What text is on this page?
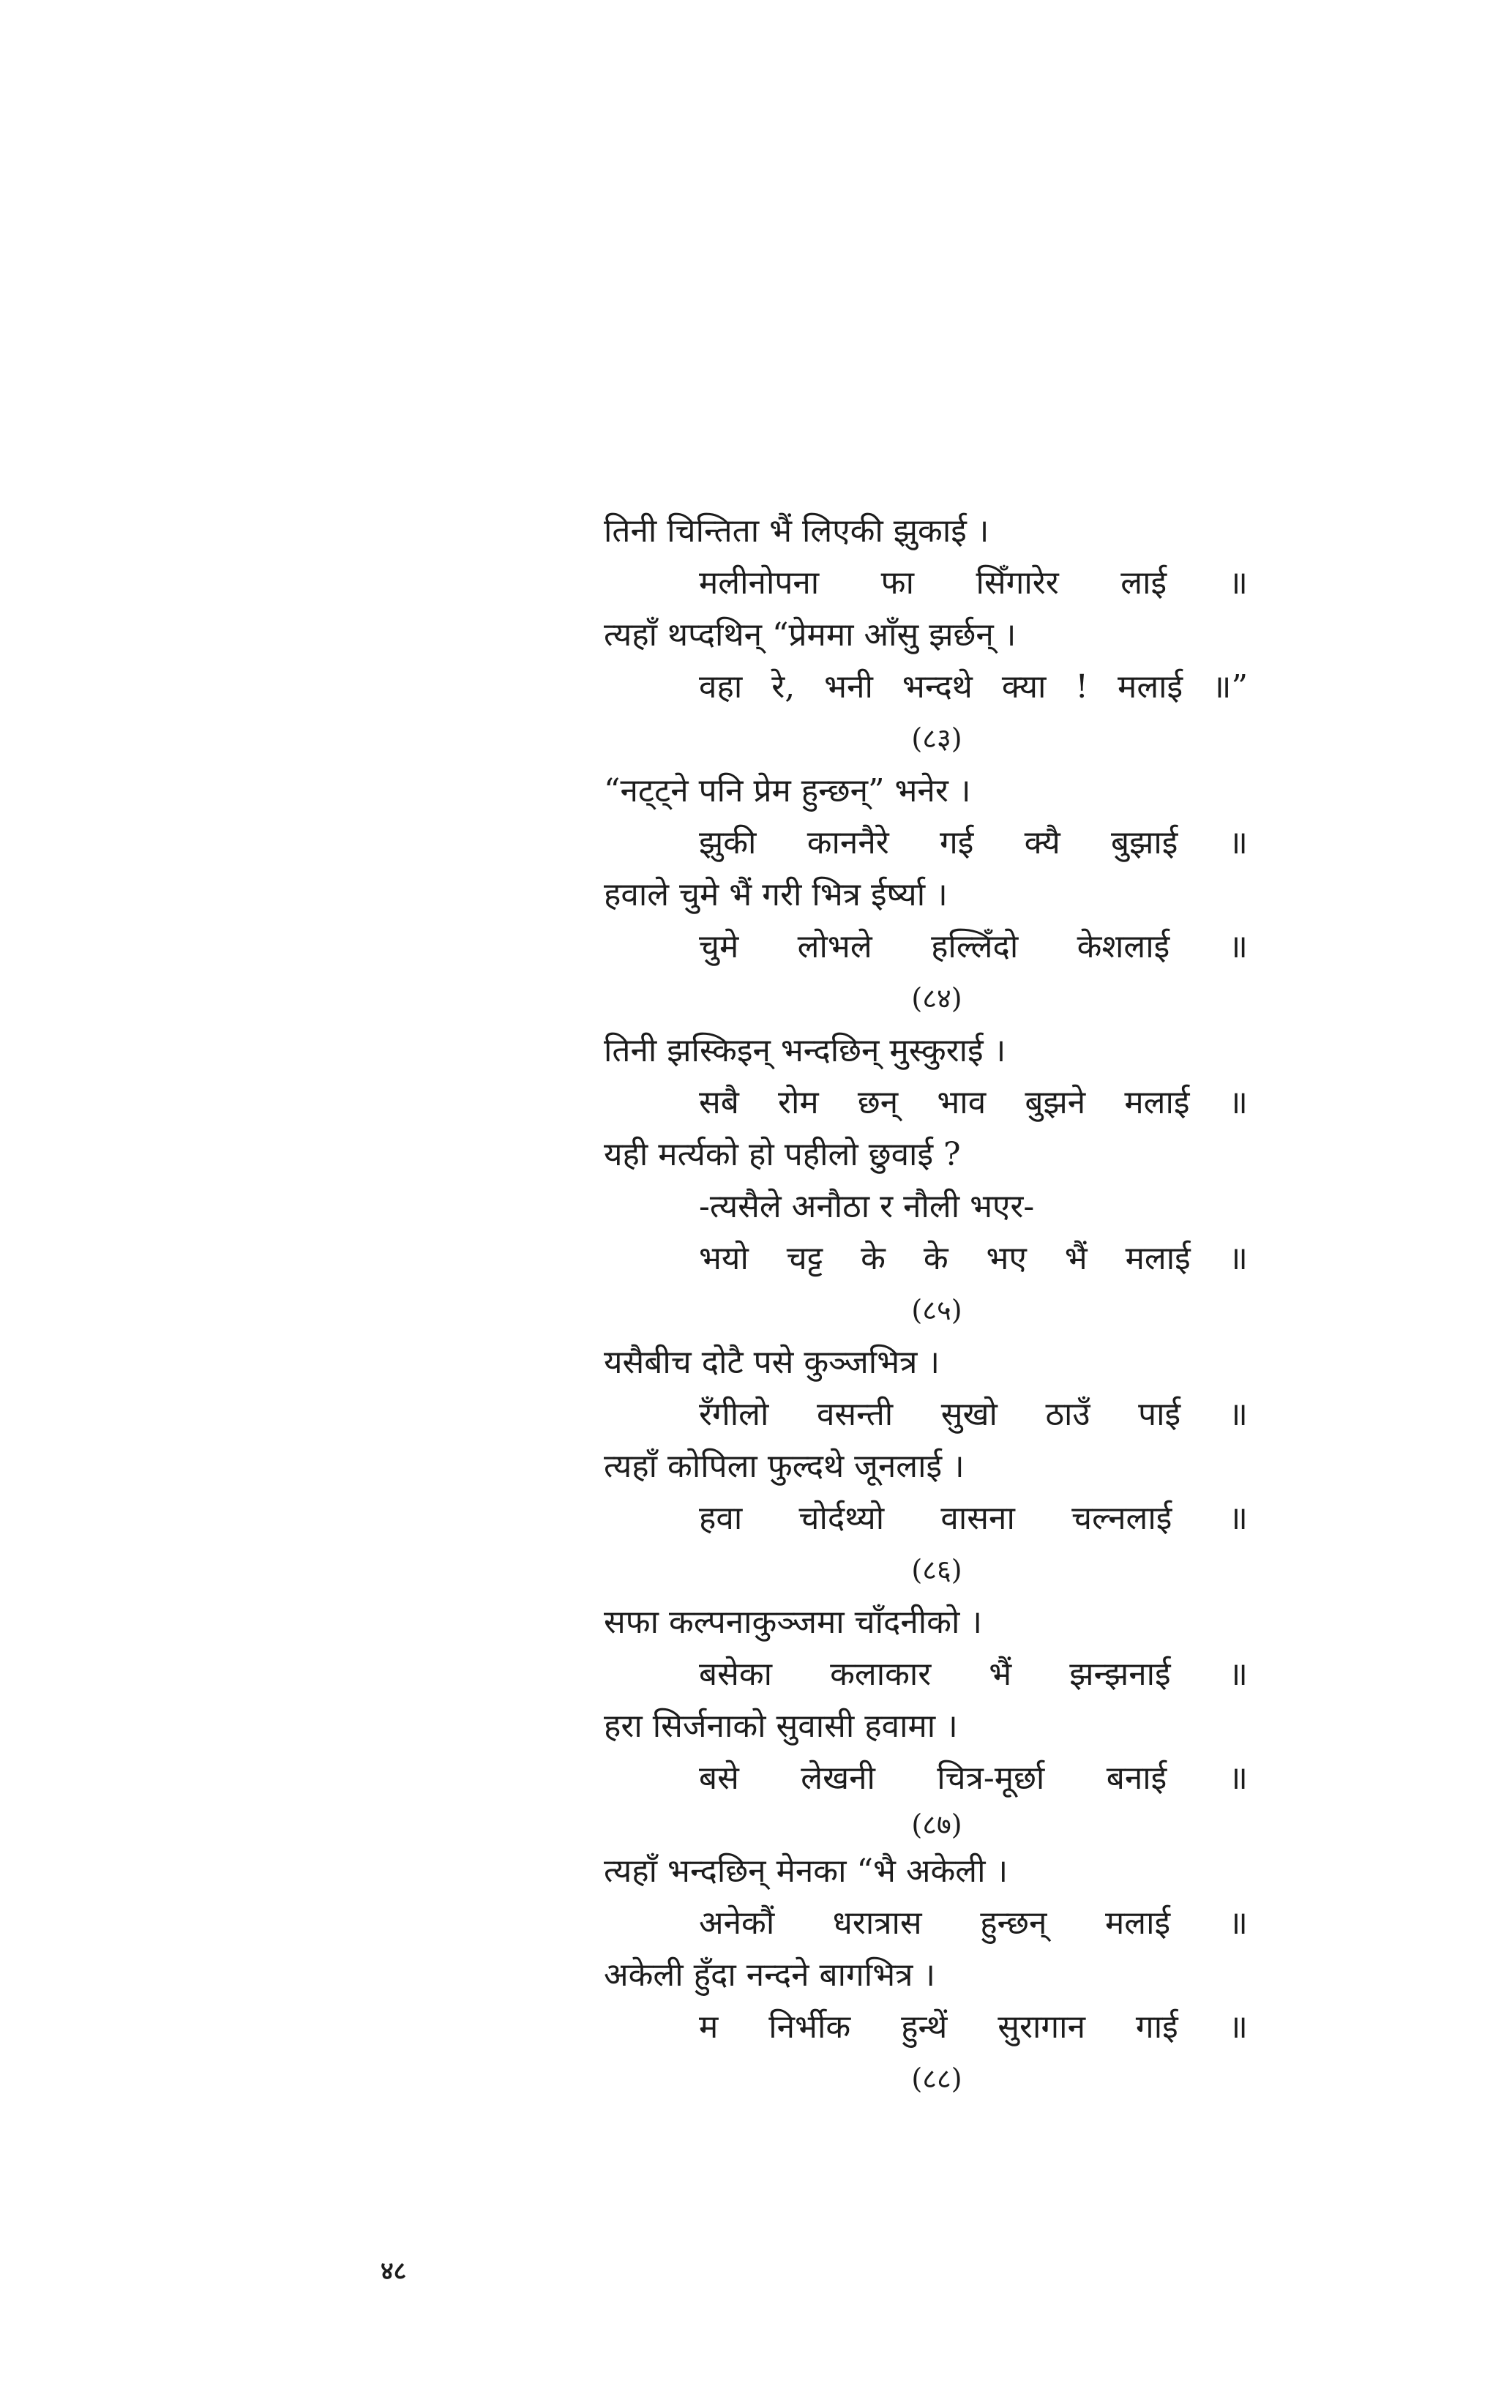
तिनी चिन्तिता भैं लिएकी झुकाई ।
मलीनोपना फा सिँगारेर लाई ॥
त्यहाँ थप्दथिन् “प्रेममा आँसु झर्छन् ।
वहा रे, भनी भन्दथे क्या ! मलाई ॥”
(८३)
“नट्ट्ने पनि प्रेम हुन्छन्” भनेर ।
झुकी काननैरे गई क्यै बुझाई ॥
हवाले चुमे भैं गरी भित्र ईर्ष्या ।
चुमे लोभले हल्लिँदो केशलाई ॥
(८४)
तिनी झस्किइन् भन्दछिन् मुस्कुराई ।
सबै रोम छन् भाव बुझने मलाई ॥
यही मर्त्यको हो पहीलो छुवाई ?
-त्यसैले अनौठा र नौली भएर-
भयो चट्ट के के भए भैं मलाई ॥
(८५)
यसैबीच दोटै पसे कुञ्जभित्र ।
रँगीलो वसन्ती सुखो ठाउँ पाई ॥
त्यहाँ कोपिला फुल्दथे जूनलाई ।
हवा चोर्दथ्यो वासना चल्नलाई ॥
(८६)
सफा कल्पनाकुञ्जमा चाँदनीको ।
बसेका कलाकार भैं झन्झनाई ॥
हरा सिर्जनाको सुवासी हवामा ।
बसे लेखनी चित्र-मूर्छा बनाई ॥
(८७)
त्यहाँ भन्दछिन् मेनका “भै अकेली ।
अनेकौं धरात्रास हुन्छन् मलाई ॥
अकेली हुँदा नन्दने बागभित्र ।
म निर्भीक हुन्थें सुरागान गाई ॥
(८८)
४८
